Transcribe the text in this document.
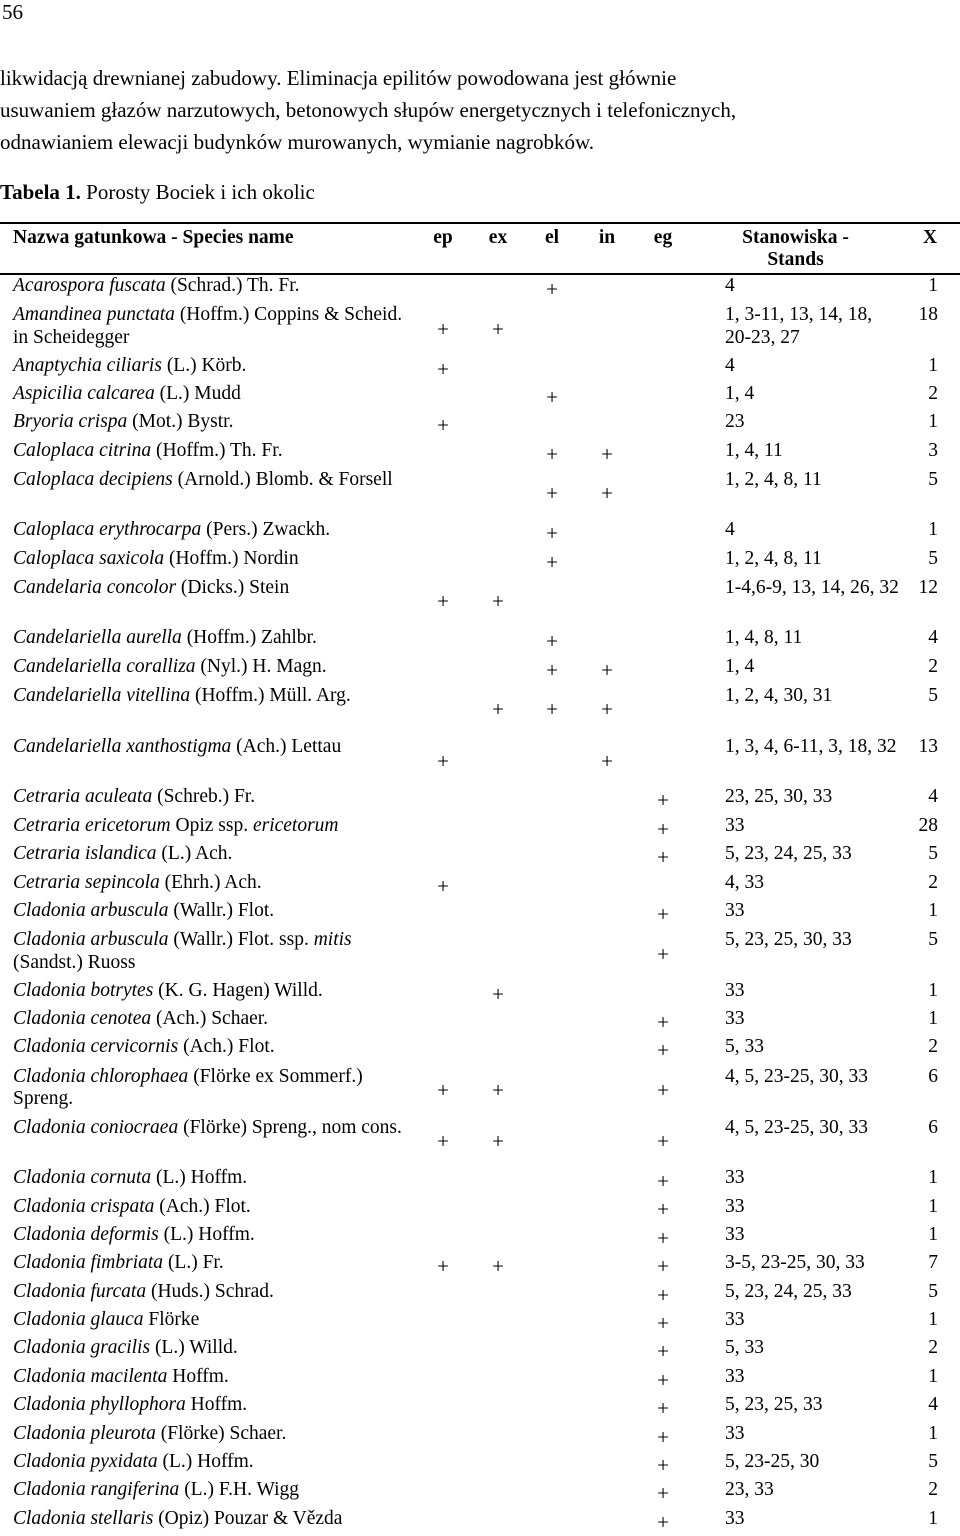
56
likwidacją drewnianej zabudowy. Eliminacja epilitów powodowana jest głównie
usuwaniem głazów narzutowych, betonowych słupów energetycznych i telefonicznych,
odnawianiem elewacji budynków murowanych, wymianie nagrobków.
Tabela 1. Porosty Bociek i ich okolic
Nazwa gatunkowa - Species name	ep	ex	el	in	eg	Stanowiska -
Stands	X
Acarospora fuscata (Schrad.) Th. Fr.			+			4	1
Amandinea punctata (Hoffm.) Coppins & Scheid. in Scheidegger	+	+				1, 3-11, 13, 14, 18, 20-23, 27	18
Anaptychia ciliaris (L.) Körb.	+					4	1
Aspicilia calcarea (L.) Mudd			+			1, 4	2
Bryoria crispa (Mot.) Bystr.	+					23	1
Caloplaca citrina (Hoffm.) Th. Fr.			+	+		1, 4, 11	3
Caloplaca decipiens (Arnold.) Blomb. & Forsell			+	+		1, 2, 4, 8, 11	5
Caloplaca erythrocarpa (Pers.) Zwackh.			+			4	1
Caloplaca saxicola (Hoffm.) Nordin			+			1, 2, 4, 8, 11	5
Candelaria concolor (Dicks.) Stein	+	+				1-4,6-9, 13, 14, 26, 32	12
Candelariella aurella (Hoffm.) Zahlbr.			+			1, 4, 8, 11	4
Candelariella coralliza (Nyl.) H. Magn.			+	+		1, 4	2
Candelariella vitellina (Hoffm.) Müll. Arg.		+	+	+		1, 2, 4, 30, 31	5
Candelariella xanthostigma (Ach.) Lettau	+			+		1, 3, 4, 6-11, 3, 18, 32	13
Cetraria aculeata (Schreb.) Fr.					+	23, 25, 30, 33	4
Cetraria ericetorum Opiz ssp. ericetorum					+	33	28
Cetraria islandica (L.) Ach.					+	5, 23, 24, 25, 33	5
Cetraria sepincola (Ehrh.) Ach.	+					4, 33	2
Cladonia arbuscula (Wallr.) Flot.					+	33	1
Cladonia arbuscula (Wallr.) Flot. ssp. mitis (Sandst.) Ruoss					+	5, 23, 25, 30, 33	5
Cladonia botrytes (K. G. Hagen) Willd.		+				33	1
Cladonia cenotea (Ach.) Schaer.					+	33	1
Cladonia cervicornis (Ach.) Flot.					+	5, 33	2
Cladonia chlorophaea (Flörke ex Sommerf.) Spreng.	+	+			+	4, 5, 23-25, 30, 33	6
Cladonia coniocraea (Flörke) Spreng., nom cons.	+	+			+	4, 5, 23-25, 30, 33	6
Cladonia cornuta (L.) Hoffm.					+	33	1
Cladonia crispata (Ach.) Flot.					+	33	1
Cladonia deformis (L.) Hoffm.					+	33	1
Cladonia fimbriata (L.) Fr.	+	+			+	3-5, 23-25, 30, 33	7
Cladonia furcata (Huds.) Schrad.					+	5, 23, 24, 25, 33	5
Cladonia glauca Flörke					+	33	1
Cladonia gracilis (L.) Willd.					+	5, 33	2
Cladonia macilenta Hoffm.					+	33	1
Cladonia phyllophora Hoffm.					+	5, 23, 25, 33	4
Cladonia pleurota (Flörke) Schaer.					+	33	1
Cladonia pyxidata (L.) Hoffm.					+	5, 23-25, 30	5
Cladonia rangiferina (L.) F.H. Wigg					+	23, 33	2
Cladonia stellaris (Opiz) Pouzar & Vězda					+	33	1
